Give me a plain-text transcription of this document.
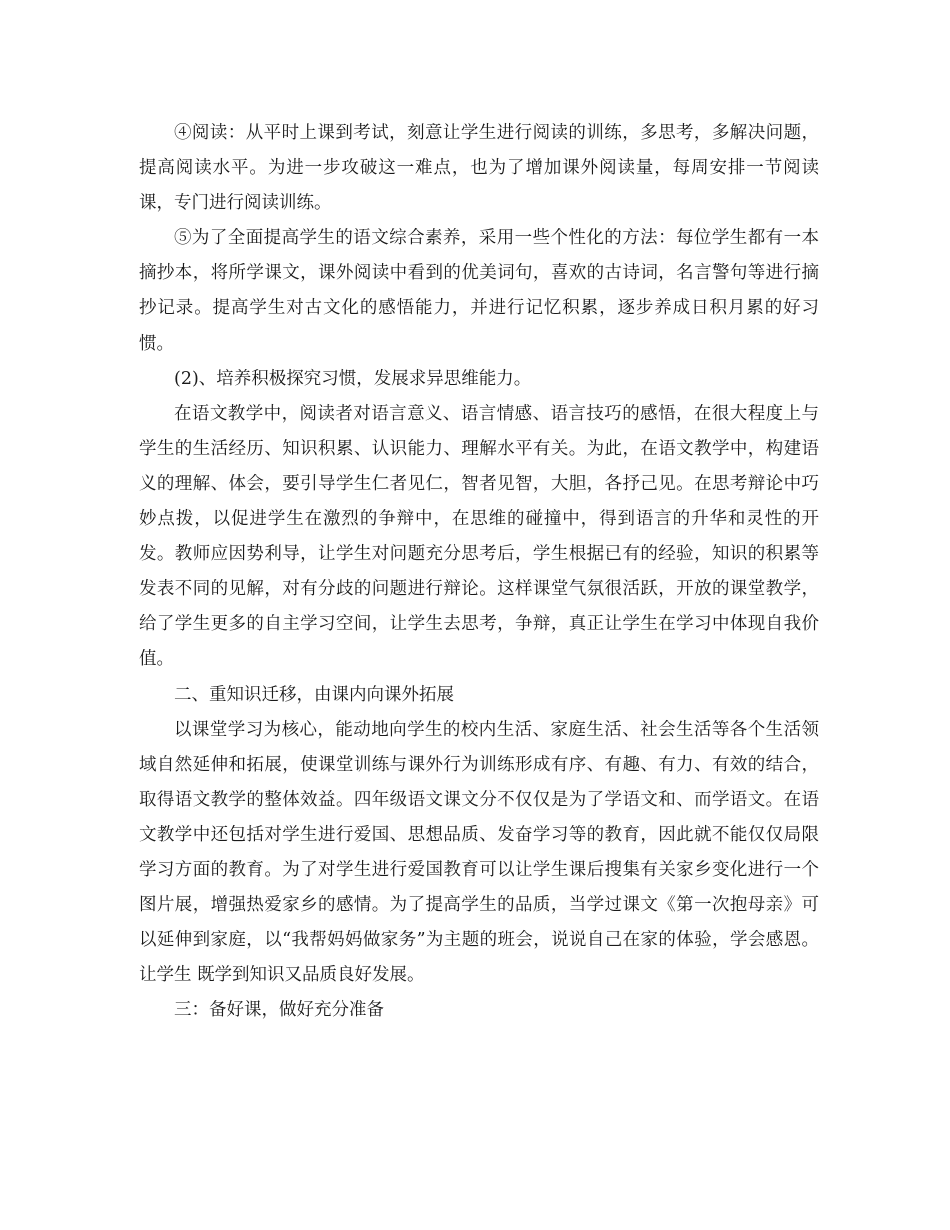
④阅读：从平时上课到考试，刻意让学生进行阅读的训练，多思考，多解决问题，提高阅读水平。为进一步攻破这一难点，也为了增加课外阅读量，每周安排一节阅读课，专门进行阅读训练。

⑤为了全面提高学生的语文综合素养，采用一些个性化的方法：每位学生都有一本摘抄本，将所学课文，课外阅读中看到的优美词句，喜欢的古诗词，名言警句等进行摘抄记录。提高学生对古文化的感悟能力，并进行记忆积累，逐步养成日积月累的好习惯。

(2)、培养积极探究习惯，发展求异思维能力。

在语文教学中，阅读者对语言意义、语言情感、语言技巧的感悟，在很大程度上与学生的生活经历、知识积累、认识能力、理解水平有关。为此，在语文教学中，构建语义的理解、体会，要引导学生仁者见仁，智者见智，大胆，各抒己见。在思考辩论中巧妙点拨，以促进学生在激烈的争辩中，在思维的碰撞中，得到语言的升华和灵性的开发。教师应因势利导，让学生对问题充分思考后，学生根据已有的经验，知识的积累等发表不同的见解，对有分歧的问题进行辩论。这样课堂气氛很活跃，开放的课堂教学，给了学生更多的自主学习空间，让学生去思考，争辩，真正让学生在学习中体现自我价值。

二、重知识迁移，由课内向课外拓展

以课堂学习为核心，能动地向学生的校内生活、家庭生活、社会生活等各个生活领域自然延伸和拓展，使课堂训练与课外行为训练形成有序、有趣、有力、有效的结合，取得语文教学的整体效益。四年级语文课文分不仅仅是为了学语文和、而学语文。在语文教学中还包括对学生进行爱国、思想品质、发奋学习等的教育，因此就不能仅仅局限学习方面的教育。为了对学生进行爱国教育可以让学生课后搜集有关家乡变化进行一个图片展，增强热爱家乡的感情。为了提高学生的品质，当学过课文《第一次抱母亲》可以延伸到家庭，以“我帮妈妈做家务”为主题的班会，说说自己在家的体验，学会感恩。让学生 既学到知识又品质良好发展。

三：备好课，做好充分准备
